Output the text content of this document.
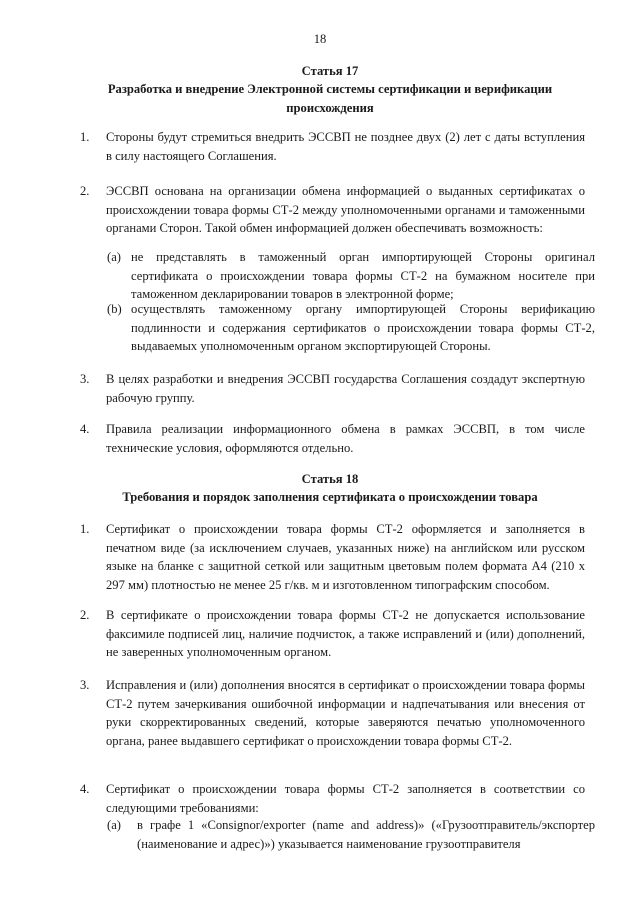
18
Статья 17
Разработка и внедрение Электронной системы сертификации и верификации происхождения
1. Стороны будут стремиться внедрить ЭССВП не позднее двух (2) лет с даты вступления в силу настоящего Соглашения.
2. ЭССВП основана на организации обмена информацией о выданных сертификатах о происхождении товара формы СТ-2 между уполномоченными органами и таможенными органами Сторон. Такой обмен информацией должен обеспечивать возможность:
(a) не представлять в таможенный орган импортирующей Стороны оригинал сертификата о происхождении товара формы СТ-2 на бумажном носителе при таможенном декларировании товаров в электронной форме;
(b) осуществлять таможенному органу импортирующей Стороны верификацию подлинности и содержания сертификатов о происхождении товара формы СТ-2, выдаваемых уполномоченным органом экспортирующей Стороны.
3. В целях разработки и внедрения ЭССВП государства Соглашения создадут экспертную рабочую группу.
4. Правила реализации информационного обмена в рамках ЭССВП, в том числе технические условия, оформляются отдельно.
Статья 18
Требования и порядок заполнения сертификата о происхождении товара
1. Сертификат о происхождении товара формы СТ-2 оформляется и заполняется в печатном виде (за исключением случаев, указанных ниже) на английском или русском языке на бланке с защитной сеткой или защитным цветовым полем формата А4 (210 х 297 мм) плотностью не менее 25 г/кв. м и изготовленном типографским способом.
2. В сертификате о происхождении товара формы СТ-2 не допускается использование факсимиле подписей лиц, наличие подчисток, а также исправлений и (или) дополнений, не заверенных уполномоченным органом.
3. Исправления и (или) дополнения вносятся в сертификат о происхождении товара формы СТ-2 путем зачеркивания ошибочной информации и надпечатывания или внесения от руки скорректированных сведений, которые заверяются печатью уполномоченного органа, ранее выдавшего сертификат о происхождении товара формы СТ-2.
4. Сертификат о происхождении товара формы СТ-2 заполняется в соответствии со следующими требованиями:
(a) в графе 1 «Consignor/exporter (name and address)» («Грузоотправитель/экспортер (наименование и адрес)») указывается наименование грузоотправителя
